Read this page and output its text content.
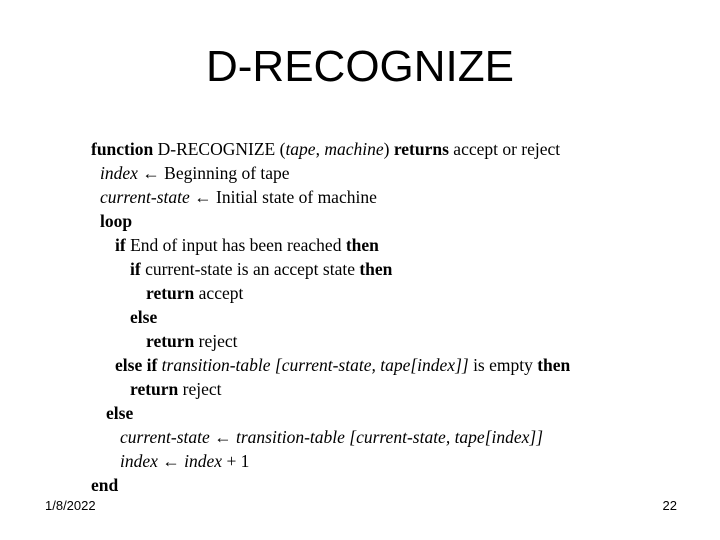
D-RECOGNIZE
function D-RECOGNIZE (tape, machine) returns accept or reject
index ← Beginning of tape
current-state ← Initial state of machine
loop
if End of input has been reached then
if current-state is an accept state then
return accept
else
return reject
else if transition-table [current-state, tape[index]] is empty then
return reject
else
current-state ← transition-table [current-state, tape[index]]
index ← index + 1
end
1/8/2022	22
